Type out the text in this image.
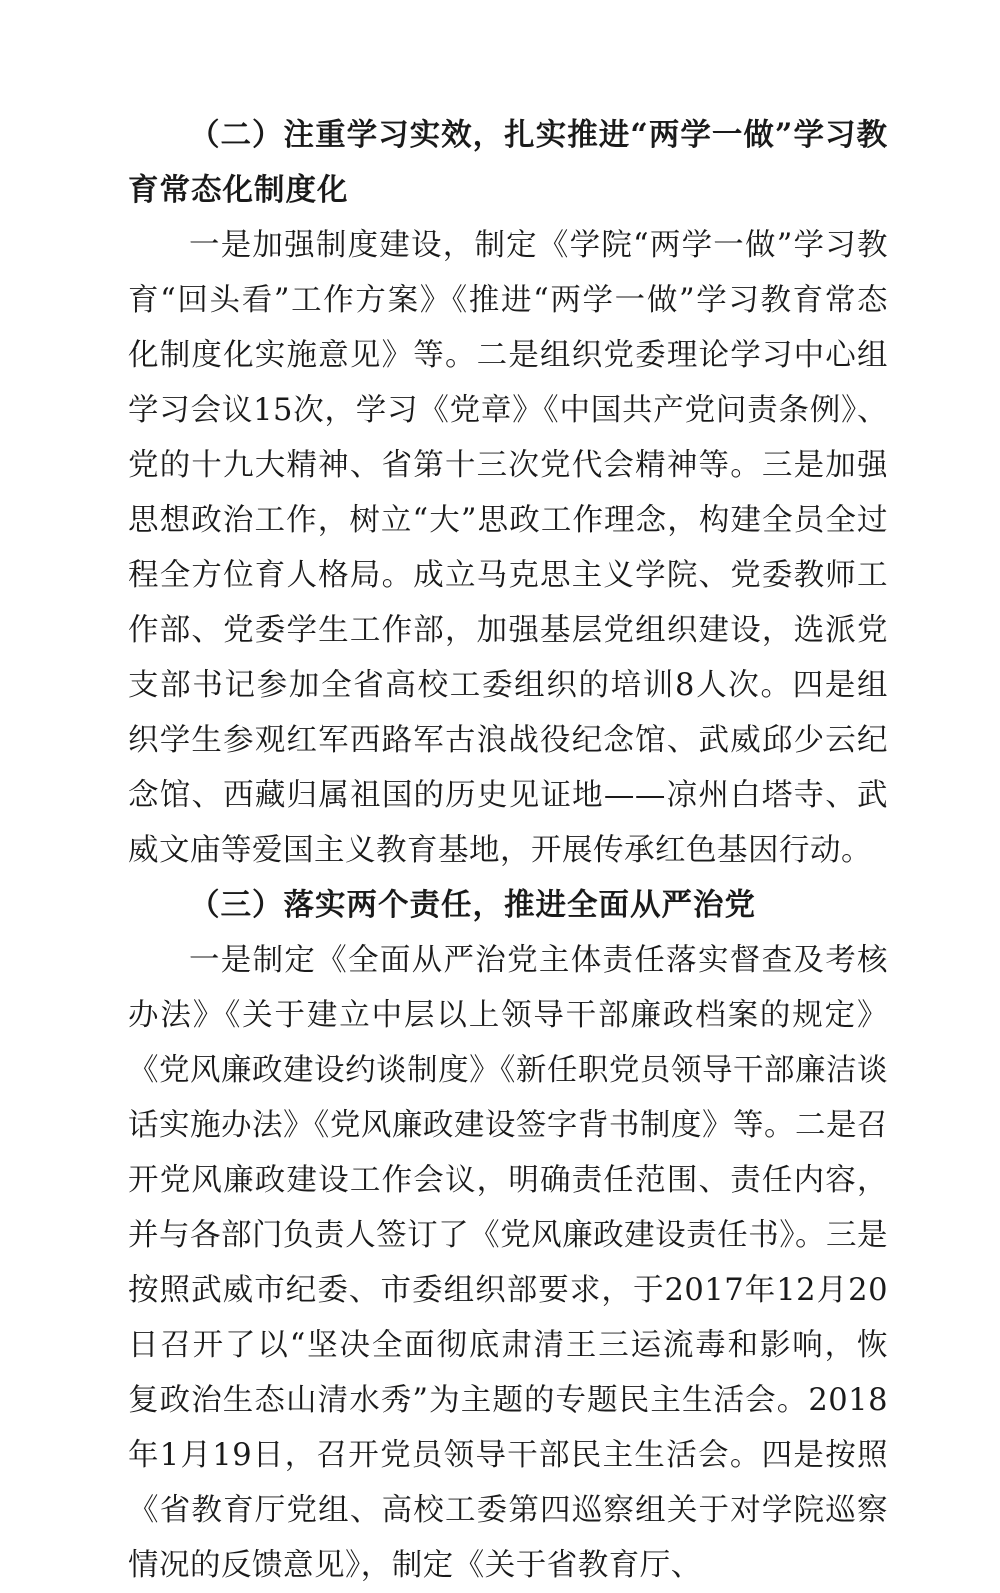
（二）注重学习实效，扎实推进“两学一做”学习教育常态化制度化

一是加强制度建设，制定《学院“两学一做”学习教育“回头看”工作方案》《推进“两学一做”学习教育常态化制度化实施意见》等。二是组织党委理论学习中心组学习会议15次，学习《党章》《中国共产党问责条例》、党的十九大精神、省第十三次党代会精神等。三是加强思想政治工作，树立“大”思政工作理念，构建全员全过程全方位育人格局。成立马克思主义学院、党委教师工作部、党委学生工作部，加强基层党组织建设，选派党支部书记参加全省高校工委组织的培训8人次。四是组织学生参观红军西路军古浪战役纪念馆、武威邱少云纪念馆、西藏归属祖国的历史见证地——凉州白塔寺、武威文庙等爱国主义教育基地，开展传承红色基因行动。

（三）落实两个责任，推进全面从严治党

一是制定《全面从严治党主体责任落实督查及考核办法》《关于建立中层以上领导干部廉政档案的规定》《党风廉政建设约谈制度》《新任职党员领导干部廉洁谈话实施办法》《党风廉政建设签字背书制度》等。二是召开党风廉政建设工作会议，明确责任范围、责任内容，并与各部门负责人签订了《党风廉政建设责任书》。三是按照武威市纪委、市委组织部要求，于2017年12月20日召开了以“坚决全面彻底肃清王三运流毒和影响，恢复政治生态山清水秀”为主题的专题民主生活会。2018年1月19日，召开党员领导干部民主生活会。四是按照《省教育厅党组、高校工委第四巡察组关于对学院巡察情况的反馈意见》，制定《关于省教育厅、
